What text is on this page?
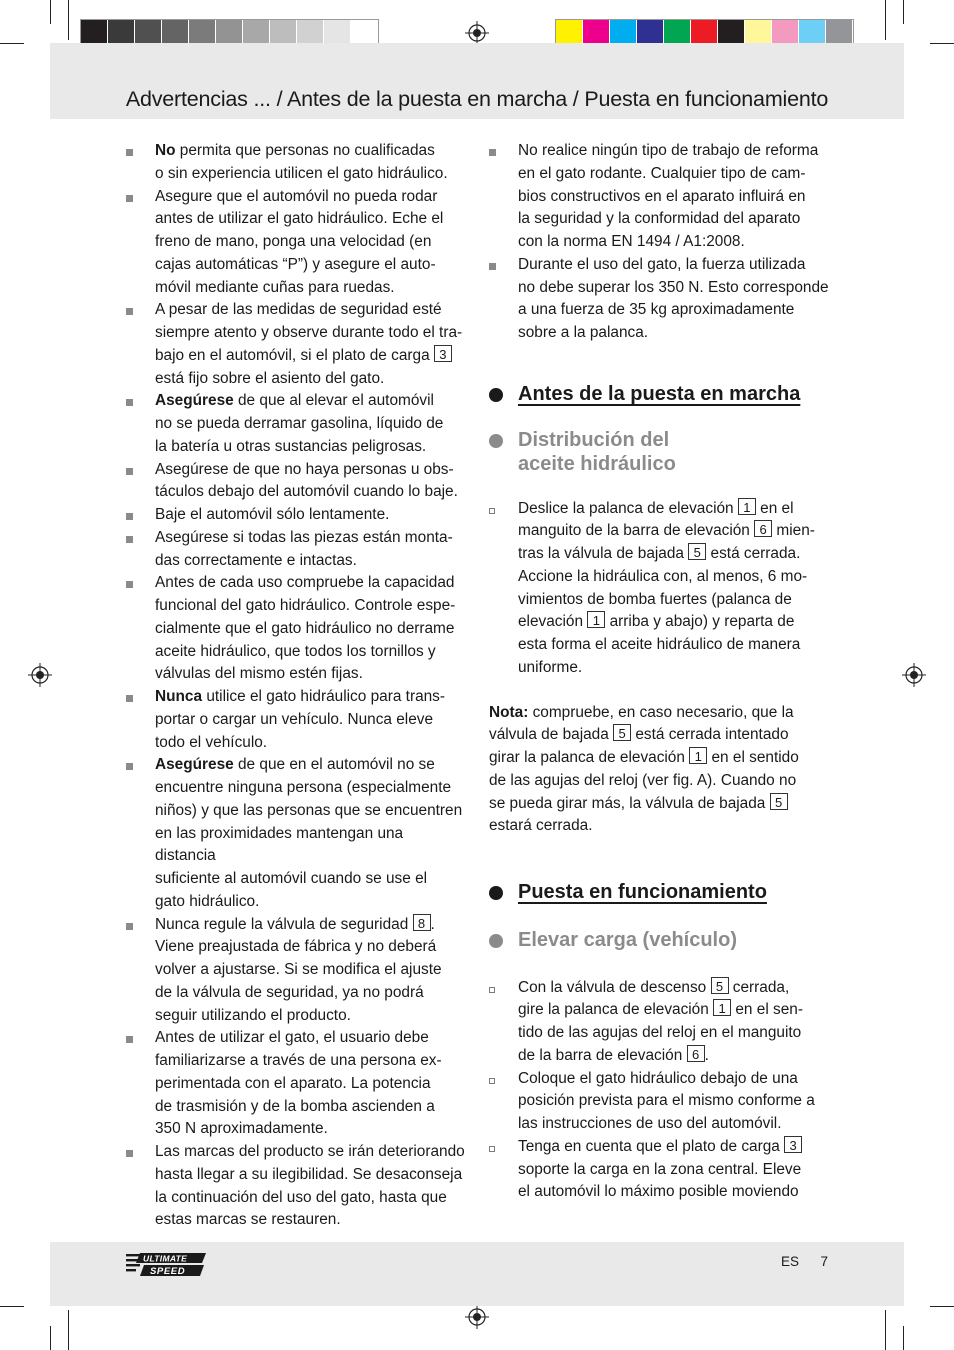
Advertencias ... / Antes de la puesta en marcha / Puesta en funcionamiento
No permita que personas no cualificadas
o sin experiencia utilicen el gato hidráulico.
Asegure que el automóvil no pueda rodar
antes de utilizar el gato hidráulico. Eche el
freno de mano, ponga una velocidad (en
cajas automáticas “P”) y asegure el auto-
móvil mediante cuñas para ruedas.
A pesar de las medidas de seguridad esté
siempre atento y observe durante todo el tra-
bajo en el automóvil, si el plato de carga 3
está fijo sobre el asiento del gato.
Asegúrese de que al elevar el automóvil
no se pueda derramar gasolina, líquido de
la batería u otras sustancias peligrosas.
Asegúrese de que no haya personas u obs-
táculos debajo del automóvil cuando lo baje.
Baje el automóvil sólo lentamente.
Asegúrese si todas las piezas están monta-
das correctamente e intactas.
Antes de cada uso compruebe la capacidad
funcional del gato hidráulico. Controle espe-
cialmente que el gato hidráulico no derrame
aceite hidráulico, que todos los tornillos y
válvulas del mismo estén fijas.
Nunca utilice el gato hidráulico para trans-
portar o cargar un vehículo. Nunca eleve
todo el vehículo.
Asegúrese de que en el automóvil no se
encuentre ninguna persona (especialmente
niños) y que las personas que se encuentren
en las proximidades mantengan una distancia
suficiente al automóvil cuando se use el
gato hidráulico.
Nunca regule la válvula de seguridad 8 .
Viene preajustada de fábrica y no deberá
volver a ajustarse. Si se modifica el ajuste
de la válvula de seguridad, ya no podrá
seguir utilizando el producto.
Antes de utilizar el gato, el usuario debe
familiarizarse a través de una persona ex-
perimentada con el aparato. La potencia
de trasmisión y de la bomba ascienden a
350 N aproximadamente.
Las marcas del producto se irán deteriorando
hasta llegar a su ilegibilidad. Se desaconseja
la continuación del uso del gato, hasta que
estas marcas se restauren.
No realice ningún tipo de trabajo de reforma
en el gato rodante. Cualquier tipo de cam-
bios constructivos en el aparato influirá en
la seguridad y la conformidad del aparato
con la norma EN 1494 / A1:2008.
Durante el uso del gato, la fuerza utilizada
no debe superar los 350 N. Esto corresponde
a una fuerza de 35 kg aproximadamente
sobre a la palanca.
Antes de la puesta en marcha
Distribución del
aceite hidráulico
Deslice la palanca de elevación 1 en el
manguito de la barra de elevación 6 mien-
tras la válvula de bajada 5 está cerrada.
Accione la hidráulica con, al menos, 6 mo-
vimientos de bomba fuertes (palanca de
elevación 1 arriba y abajo) y reparta de
esta forma el aceite hidráulico de manera
uniforme.
Nota: compruebe, en caso necesario, que la
válvula de bajada 5 está cerrada intentado
girar la palanca de elevación 1 en el sentido
de las agujas del reloj (ver fig. A). Cuando no
se pueda girar más, la válvula de bajada 5
estará cerrada.
Puesta en funcionamiento
Elevar carga (vehículo)
Con la válvula de descenso 5 cerrada,
gire la palanca de elevación 1 en el sen-
tido de las agujas del reloj en el manguito
de la barra de elevación 6 .
Coloque el gato hidráulico debajo de una
posición prevista para el mismo conforme a
las instrucciones de uso del automóvil.
Tenga en cuenta que el plato de carga 3
soporte la carga en la zona central. Eleve
el automóvil lo máximo posible moviendo
ULTIMATE
SPEED
ES 7
